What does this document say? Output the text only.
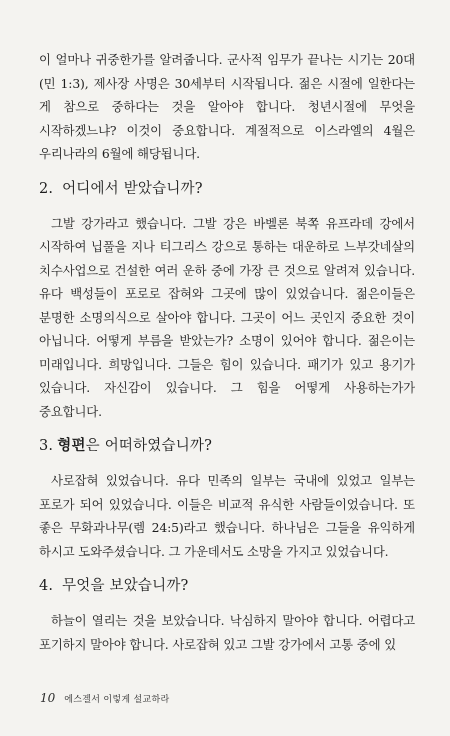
이 얼마나 귀중한가를 알려줍니다. 군사적 임무가 끝나는 시기는 20대(민 1:3), 제사장 사명은 30세부터 시작됩니다. 젊은 시절에 일한다는 게 참으로 중하다는 것을 알아야 합니다. 청년시절에 무엇을 시작하겠느냐? 이것이 중요합니다. 계절적으로 이스라엘의 4월은 우리나라의 6월에 해당됩니다.

2. 어디에서 받았습니까?

그발 강가라고 했습니다. 그발 강은 바벨론 북쪽 유프라데 강에서 시작하여 닙풀을 지나 티그리스 강으로 통하는 대운하로 느부갓네살의 치수사업으로 건설한 여러 운하 중에 가장 큰 것으로 알려져 있습니다. 유다 백성들이 포로로 잡혀와 그곳에 많이 있었습니다. 젊은이들은 분명한 소명의식으로 살아야 합니다. 그곳이 어느 곳인지 중요한 것이 아닙니다. 어떻게 부름을 받았는가? 소명이 있어야 합니다. 젊은이는 미래입니다. 희망입니다. 그들은 힘이 있습니다. 패기가 있고 용기가 있습니다. 자신감이 있습니다. 그 힘을 어떻게 사용하는가가 중요합니다.

3. 형편은 어떠하였습니까?

사로잡혀 있었습니다. 유다 민족의 일부는 국내에 있었고 일부는 포로가 되어 있었습니다. 이들은 비교적 유식한 사람들이었습니다. 또 좋은 무화과나무(렘 24:5)라고 했습니다. 하나님은 그들을 유익하게 하시고 도와주셨습니다. 그 가운데서도 소망을 가지고 있었습니다.

4. 무엇을 보았습니까?

하늘이 열리는 것을 보았습니다. 낙심하지 말아야 합니다. 어렵다고 포기하지 말아야 합니다. 사로잡혀 있고 그발 강가에서 고통 중에 있

10 에스겔서 이렇게 설교하라
